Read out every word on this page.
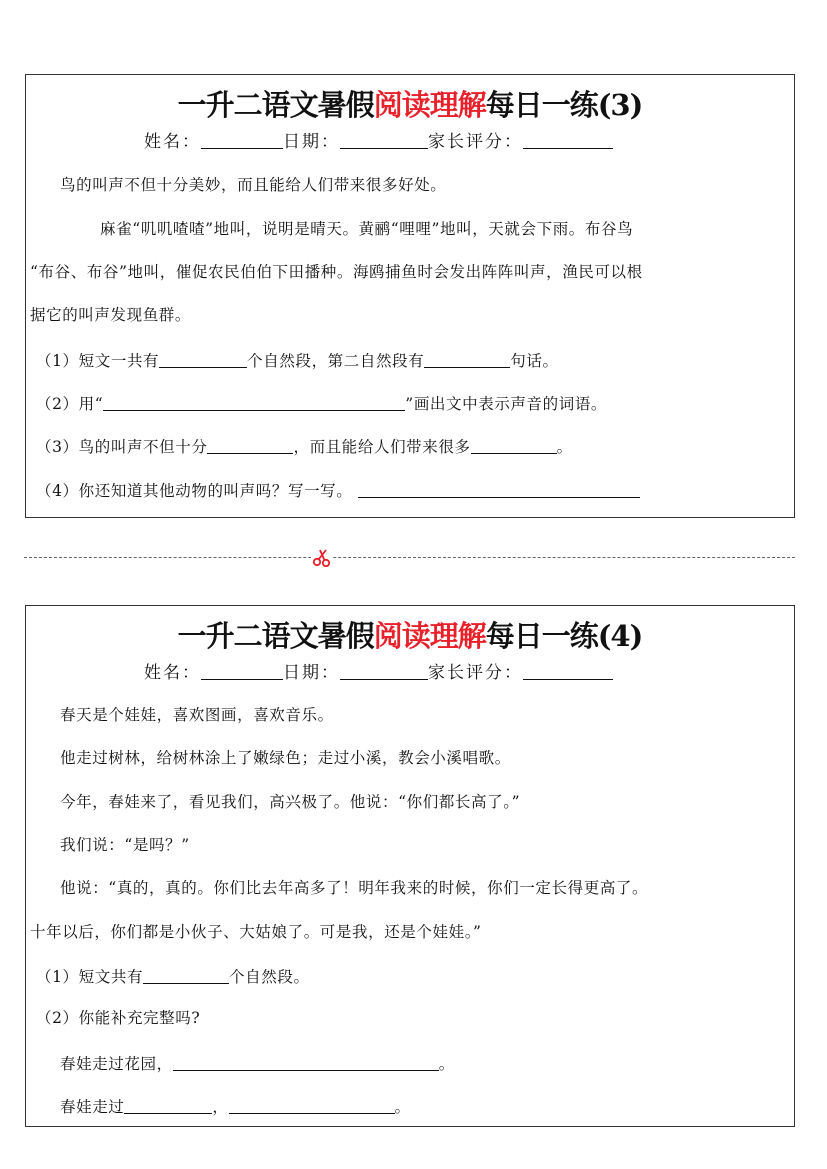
一升二语文暑假阅读理解每日一练(3)
姓名：	日期：	家长评分：
鸟的叫声不但十分美妙，而且能给人们带来很多好处。
麻雀“叽叽喳喳”地叫，说明是晴天。黄鹂“哩哩”地叫，天就会下雨。布谷鸟
“布谷、布谷”地叫，催促农民伯伯下田播种。海鸥捕鱼时会发出阵阵叫声，渔民可以根
据它的叫声发现鱼群。
（1）短文一共有	个自然段，第二自然段有	句话。
（2）用“	”画出文中表示声音的词语。
（3）鸟的叫声不但十分	，而且能给人们带来很多	。
（4）你还知道其他动物的叫声吗？写一写。
一升二语文暑假阅读理解每日一练(4)
姓名：	日期：	家长评分：
春天是个娃娃，喜欢图画，喜欢音乐。
他走过树林，给树林涂上了嫩绿色；走过小溪，教会小溪唱歌。
今年，春娃来了，看见我们，高兴极了。他说：“你们都长高了。”
我们说：“是吗？”
他说：“真的，真的。你们比去年高多了！明年我来的时候，你们一定长得更高了。
十年以后，你们都是小伙子、大姑娘了。可是我，还是个娃娃。”
（1）短文共有	个自然段。
（2）你能补充完整吗?
春娃走过花园，	。
春娃走过	，	。
